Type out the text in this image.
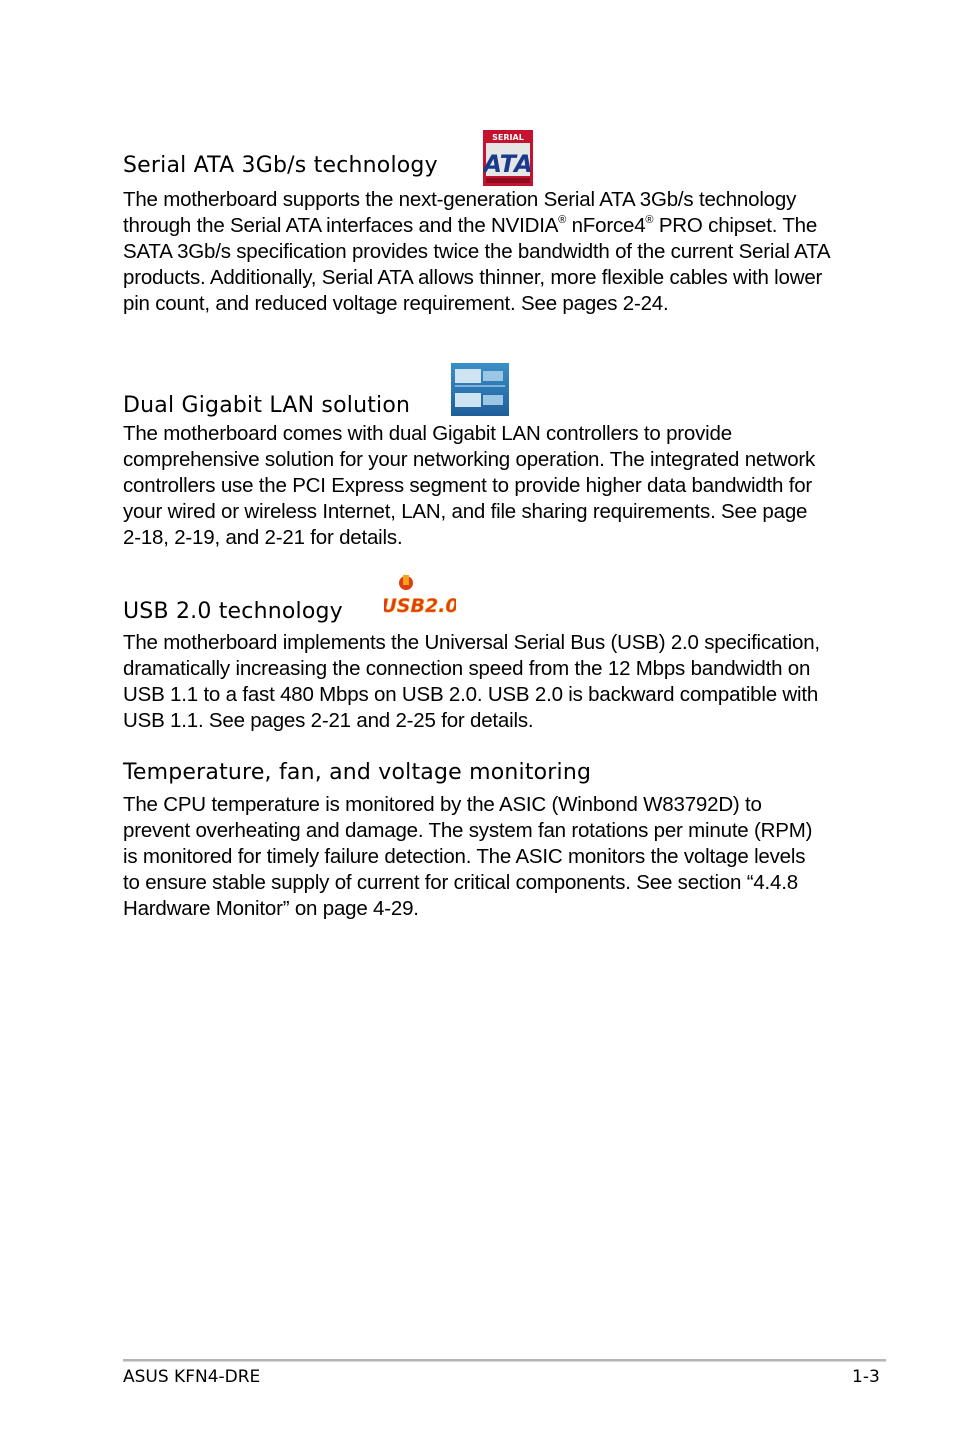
Serial ATA 3Gb/s technology

The motherboard supports the next-generation Serial ATA 3Gb/s technology through the Serial ATA interfaces and the NVIDIA® nForce4® PRO chipset. The SATA 3Gb/s specification provides twice the bandwidth of the current Serial ATA products. Additionally, Serial ATA allows thinner, more flexible cables with lower pin count, and reduced voltage requirement. See pages 2-24.

SERIAL
ATA
Dual Gigabit LAN solution

The motherboard comes with dual Gigabit LAN controllers to provide comprehensive solution for your networking operation. The integrated network controllers use the PCI Express segment to provide higher data bandwidth for your wired or wireless Internet, LAN, and file sharing requirements. See page 2-18, 2-19, and 2-21 for details.

USB 2.0 technology

The motherboard implements the Universal Serial Bus (USB) 2.0 specification, dramatically increasing the connection speed from the 12 Mbps bandwidth on USB 1.1 to a fast 480 Mbps on USB 2.0. USB 2.0 is backward compatible with USB 1.1. See pages 2-21 and 2-25 for details.

USB2.0
Temperature, fan, and voltage monitoring

The CPU temperature is monitored by the ASIC (Winbond W83792D) to prevent overheating and damage. The system fan rotations per minute (RPM) is monitored for timely failure detection. The ASIC monitors the voltage levels to ensure stable supply of current for critical components. See section “4.4.8 Hardware Monitor” on page 4-29.

ASUS KFN4-DRE	1-3
